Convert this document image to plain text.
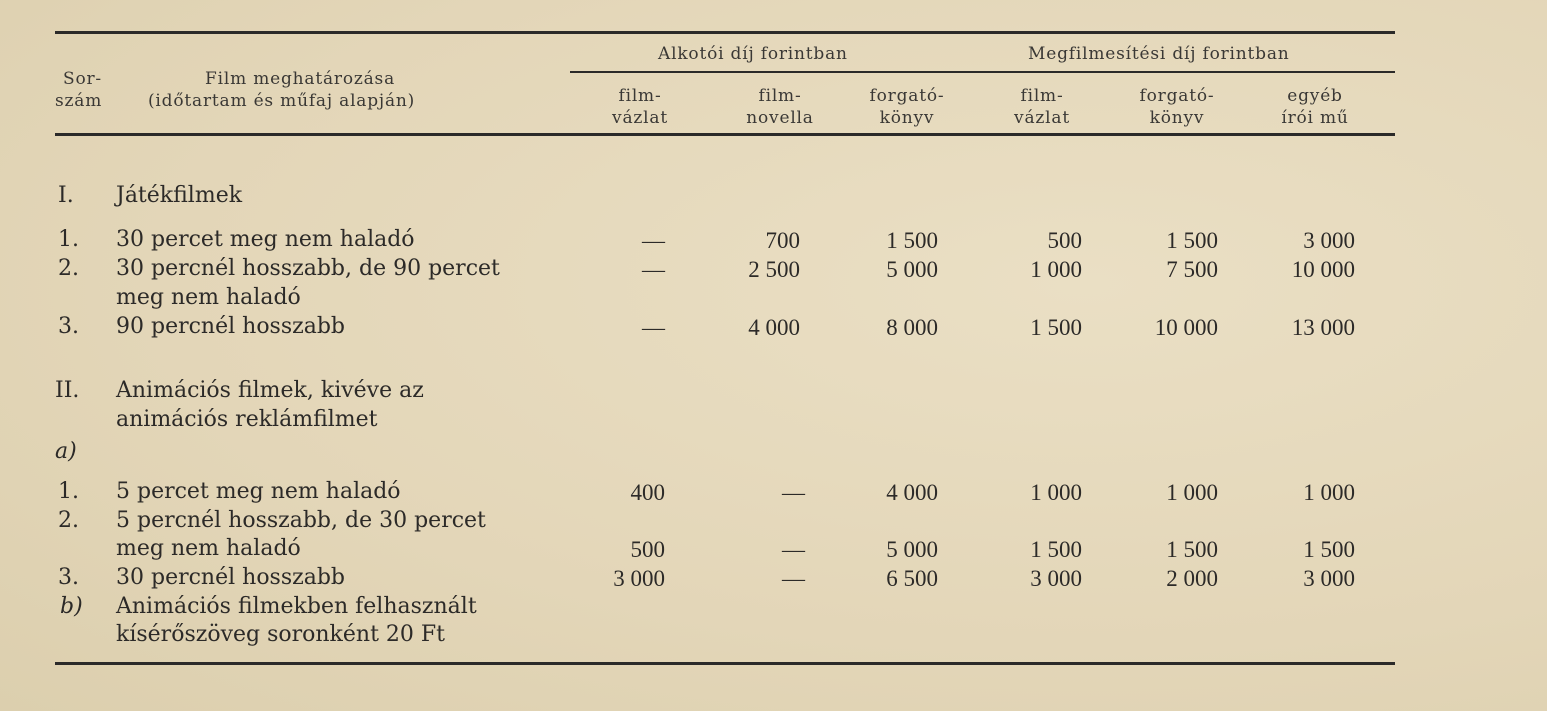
Sor-
szám
Film meghatározása
(időtartam és műfaj alapján)
Alkotói díj forintban	Megfilmesítési díj forintban
film-
vázlat
film-
novella
forgató-
könyv
film-
vázlat
forgató-
könyv
egyéb
írói mű
I. Játékfilmek
1. 30 percet meg nem haladó	—	700	1 500	500	1 500	3 000
2. 30 percnél hosszabb, de 90 percet
meg nem haladó
—	2 500	5 000	1 000	7 500	10 000
3. 90 percnél hosszabb	—	4 000	8 000	1 500	10 000	13 000
II. Animációs filmek, kivéve az
animációs reklámfilmet
a)
1. 5 percet meg nem haladó	400	—	4 000	1 000	1 000	1 000
2. 5 percnél hosszabb, de 30 percet
meg nem haladó	500	—	5 000	1 500	1 500	1 500
3. 30 percnél hosszabb	3 000	—	6 500	3 000	2 000	3 000
b) Animációs filmekben felhasznált
kísérőszöveg soronként 20 Ft
